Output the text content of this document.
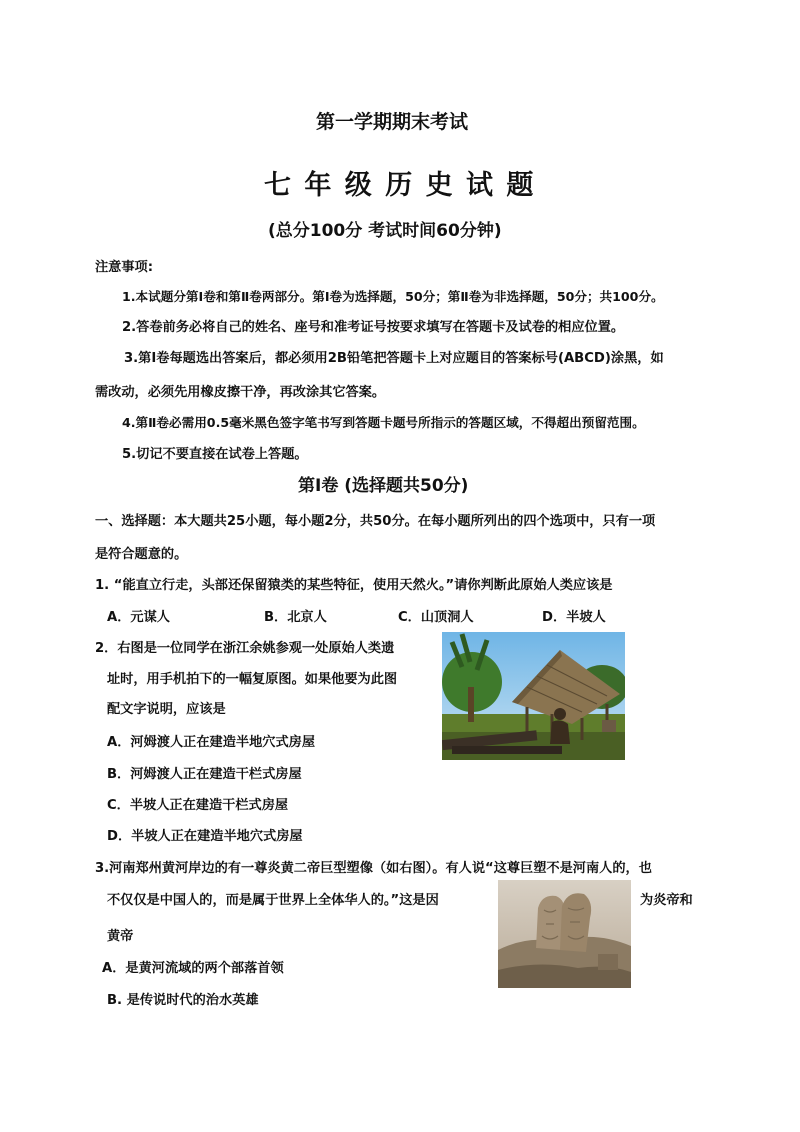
第一学期期末考试
七 年 级 历 史 试 题
(总分100分 考试时间60分钟)
注意事项:
1.本试题分第Ⅰ卷和第Ⅱ卷两部分。第Ⅰ卷为选择题，50分；第Ⅱ卷为非选择题，50分；共100分。
2.答卷前务必将自己的姓名、座号和准考证号按要求填写在答题卡及试卷的相应位置。
3.第Ⅰ卷每题选出答案后，都必须用2B铅笔把答题卡上对应题目的答案标号(ABCD)涂黑，如
需改动，必须先用橡皮擦干净，再改涂其它答案。
4.第Ⅱ卷必需用0.5毫米黑色签字笔书写到答题卡题号所指示的答题区域，不得超出预留范围。
5.切记不要直接在试卷上答题。
第Ⅰ卷 (选择题共50分)
一、选择题：本大题共25小题，每小题2分，共50分。在每小题所列出的四个选项中，只有一项
是符合题意的。
1. “能直立行走，头部还保留猿类的某些特征，使用天然火。”请你判断此原始人类应该是
A．元谋人	B．北京人	C．山顶洞人	D．半坡人
2．右图是一位同学在浙江余姚参观一处原始人类遗
址时，用手机拍下的一幅复原图。如果他要为此图
配文字说明，应该是
A．河姆渡人正在建造半地穴式房屋
B．河姆渡人正在建造干栏式房屋
C．半坡人正在建造干栏式房屋
D．半坡人正在建造半地穴式房屋
3.河南郑州黄河岸边的有一尊炎黄二帝巨型塑像（如右图）。有人说“这尊巨塑不是河南人的，也
不仅仅是中国人的，而是属于世界上全体华人的。”这是因	为炎帝和
黄帝
A．是黄河流域的两个部落首领
B. 是传说时代的治水英雄
